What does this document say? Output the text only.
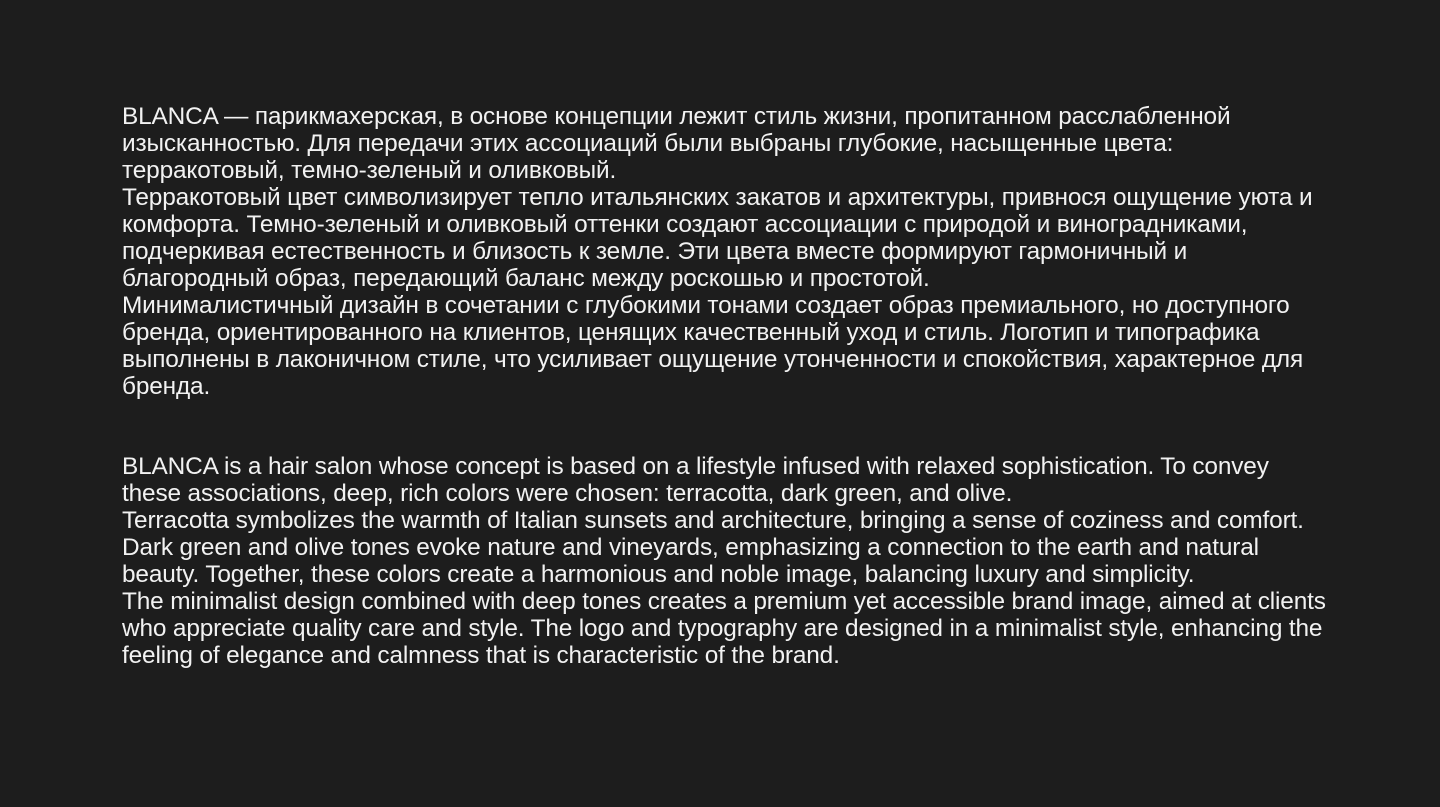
BLANCA — парикмахерская, в основе концепции лежит стиль жизни, пропитанном расслабленной изысканностью. Для передачи этих ассоциаций были выбраны глубокие, насыщенные цвета: терракотовый, темно-зеленый и оливковый.

Терракотовый цвет символизирует тепло итальянских закатов и архитектуры, привнося ощущение уюта и комфорта. Темно-зеленый и оливковый оттенки создают ассоциации с природой и виноградниками, подчеркивая естественность и близость к земле. Эти цвета вместе формируют гармоничный и благородный образ, передающий баланс между роскошью и простотой.

Минималистичный дизайн в сочетании с глубокими тонами создает образ премиального, но доступного бренда, ориентированного на клиентов, ценящих качественный уход и стиль. Логотип и типографика выполнены в лаконичном стиле, что усиливает ощущение утонченности и спокойствия, характерное для бренда.

BLANCA is a hair salon whose concept is based on a lifestyle infused with relaxed sophistication. To convey these associations, deep, rich colors were chosen: terracotta, dark green, and olive.

Terracotta symbolizes the warmth of Italian sunsets and architecture, bringing a sense of coziness and comfort. Dark green and olive tones evoke nature and vineyards, emphasizing a connection to the earth and natural beauty. Together, these colors create a harmonious and noble image, balancing luxury and simplicity.

The minimalist design combined with deep tones creates a premium yet accessible brand image, aimed at clients who appreciate quality care and style. The logo and typography are designed in a minimalist style, enhancing the feeling of elegance and calmness that is characteristic of the brand.
